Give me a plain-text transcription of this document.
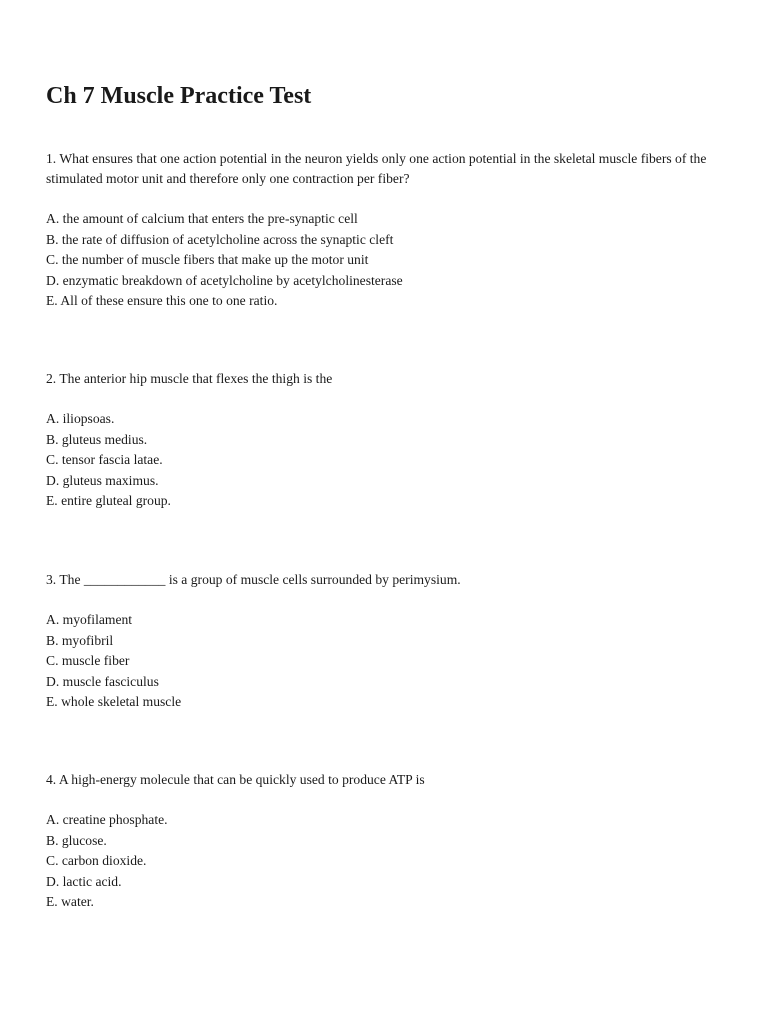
Ch 7 Muscle Practice Test

1. What ensures that one action potential in the neuron yields only one action potential in the skeletal muscle fibers of the stimulated motor unit and therefore only one contraction per fiber?

A. the amount of calcium that enters the pre-synaptic cell
B. the rate of diffusion of acetylcholine across the synaptic cleft
C. the number of muscle fibers that make up the motor unit
D. enzymatic breakdown of acetylcholine by acetylcholinesterase
E. All of these ensure this one to one ratio.

2. The anterior hip muscle that flexes the thigh is the

A. iliopsoas.
B. gluteus medius.
C. tensor fascia latae.
D. gluteus maximus.
E. entire gluteal group.

3. The ____________ is a group of muscle cells surrounded by perimysium.

A. myofilament
B. myofibril
C. muscle fiber
D. muscle fasciculus
E. whole skeletal muscle

4. A high-energy molecule that can be quickly used to produce ATP is

A. creatine phosphate.
B. glucose.
C. carbon dioxide.
D. lactic acid.
E. water.
